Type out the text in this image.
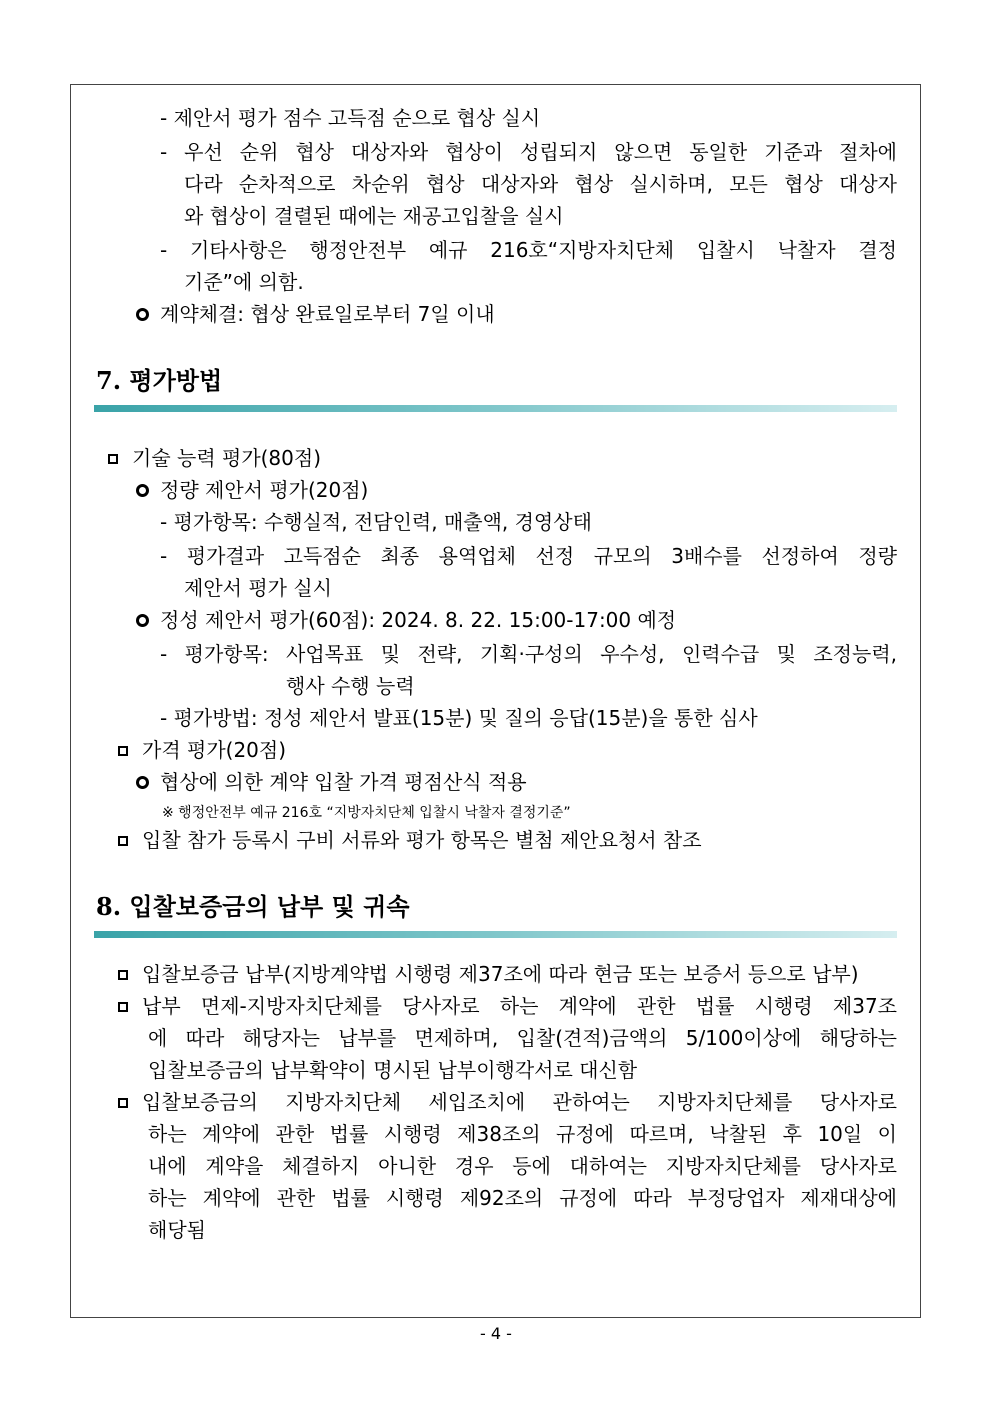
- 제안서 평가 점수 고득점 순으로 협상 실시
- 우선 순위 협상 대상자와 협상이 성립되지 않으면 동일한 기준과 절차에
다라 순차적으로 차순위 협상 대상자와 협상 실시하며, 모든 협상 대상자
와 협상이 결렬된 때에는 재공고입찰을 실시
- 기타사항은 행정안전부 예규 216호“지방자치단체 입찰시 낙찰자 결정
기준”에 의함.
계약체결: 협상 완료일로부터 7일 이내
7. 평가방법
기술 능력 평가(80점)
정량 제안서 평가(20점)
- 평가항목: 수행실적, 전담인력, 매출액, 경영상태
- 평가결과 고득점순 최종 용역업체 선정 규모의 3배수를 선정하여 정량
제안서 평가 실시
정성 제안서 평가(60점): 2024. 8. 22. 15:00-17:00 예정
- 평가항목: 사업목표 및 전략, 기획·구성의 우수성, 인력수급 및 조정능력,
행사 수행 능력
- 평가방법: 정성 제안서 발표(15분) 및 질의 응답(15분)을 통한 심사
가격 평가(20점)
협상에 의한 계약 입찰 가격 평점산식 적용
※ 행정안전부 예규 216호 “지방자치단체 입찰시 낙찰자 결정기준”
입찰 참가 등록시 구비 서류와 평가 항목은 별첨 제안요청서 참조
8. 입찰보증금의 납부 및 귀속
입찰보증금 납부(지방계약법 시행령 제37조에 따라 현금 또는 보증서 등으로 납부)
납부 면제-지방자치단체를 당사자로 하는 계약에 관한 법률 시행령 제37조
에 따라 해당자는 납부를 면제하며, 입찰(견적)금액의 5/100이상에 해당하는
입찰보증금의 납부확약이 명시된 납부이행각서로 대신함
입찰보증금의 지방자치단체 세입조치에 관하여는 지방자치단체를 당사자로
하는 계약에 관한 법률 시행령 제38조의 규정에 따르며, 낙찰된 후 10일 이
내에 계약을 체결하지 아니한 경우 등에 대하여는 지방자치단체를 당사자로
하는 계약에 관한 법률 시행령 제92조의 규정에 따라 부정당업자 제재대상에
해당됨
- 4 -
